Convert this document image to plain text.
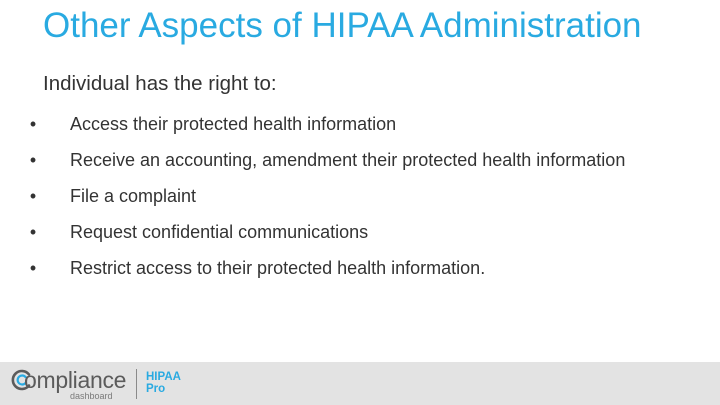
Other Aspects of HIPAA Administration
Individual has the right to:
• Access their protected health information
• Receive an accounting, amendment their protected health information
• File a complaint
• Request confidential communications
• Restrict access to their protected health information.
ompliance
dashboard
HIPAA
Pro
